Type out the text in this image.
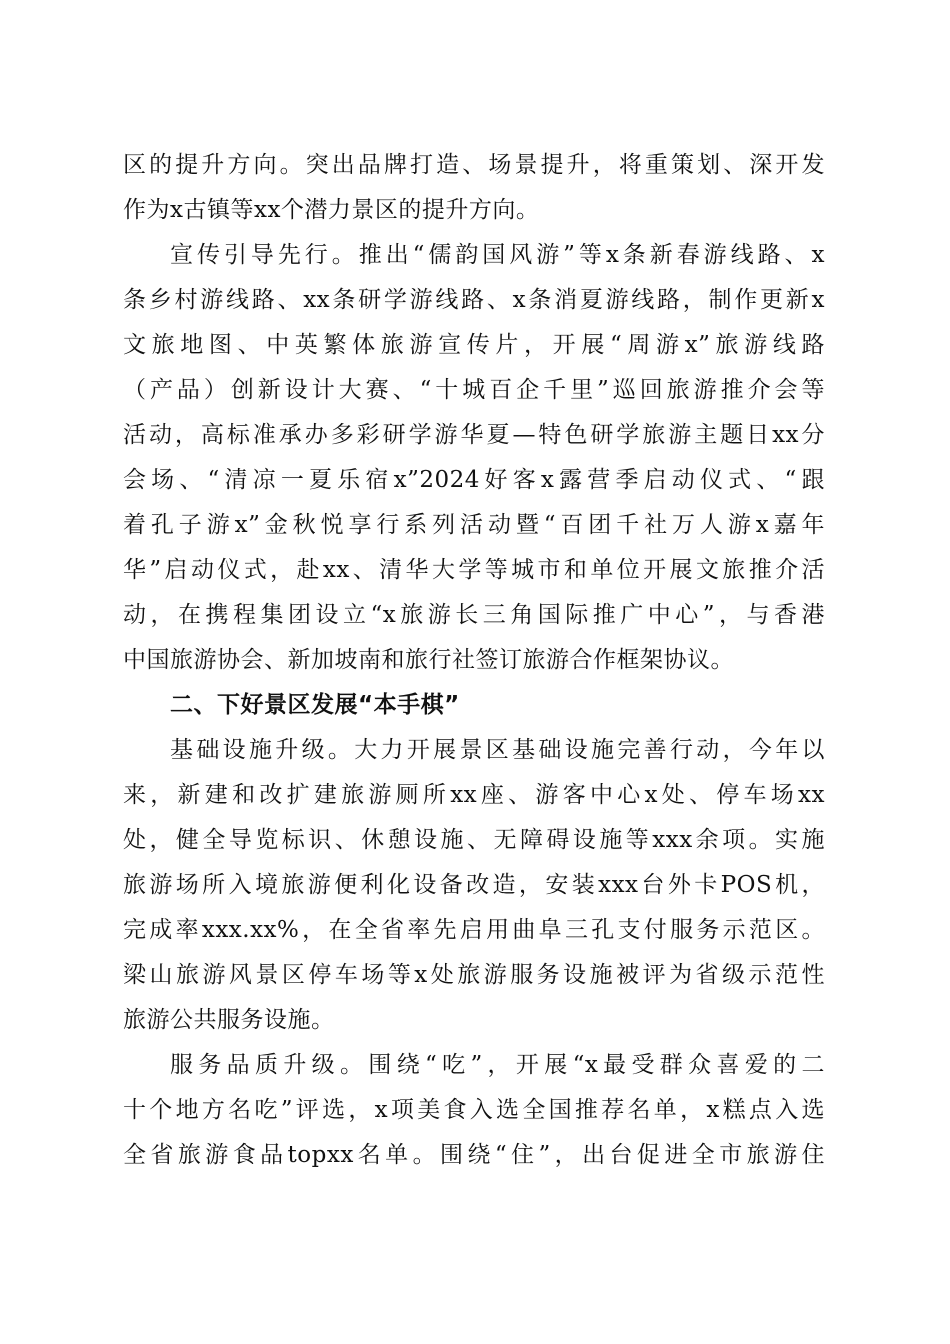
区的提升方向。突出品牌打造、场景提升，将重策划、深开发
作为x古镇等xx个潜力景区的提升方向。
宣传引导先行。推出“儒韵国风游”等x条新春游线路、x
条乡村游线路、xx条研学游线路、x条消夏游线路，制作更新x
文旅地图、中英繁体旅游宣传片，开展“周游x”旅游线路
（产品）创新设计大赛、“十城百企千里”巡回旅游推介会等
活动，高标准承办多彩研学游华夏—特色研学旅游主题日xx分
会场、“清凉一夏乐宿x”2024好客x露营季启动仪式、“跟
着孔子游x”金秋悦享行系列活动暨“百团千社万人游x嘉年
华”启动仪式，赴xx、清华大学等城市和单位开展文旅推介活
动，在携程集团设立“x旅游长三角国际推广中心”，与香港
中国旅游协会、新加坡南和旅行社签订旅游合作框架协议。
二、下好景区发展“本手棋”
基础设施升级。大力开展景区基础设施完善行动，今年以
来，新建和改扩建旅游厕所xx座、游客中心x处、停车场xx
处，健全导览标识、休憩设施、无障碍设施等xxx余项。实施
旅游场所入境旅游便利化设备改造，安装xxx台外卡POS机，
完成率xxx.xx%，在全省率先启用曲阜三孔支付服务示范区。
梁山旅游风景区停车场等x处旅游服务设施被评为省级示范性
旅游公共服务设施。
服务品质升级。围绕“吃”，开展“x最受群众喜爱的二
十个地方名吃”评选，x项美食入选全国推荐名单，x糕点入选
全省旅游食品topxx名单。围绕“住”，出台促进全市旅游住
